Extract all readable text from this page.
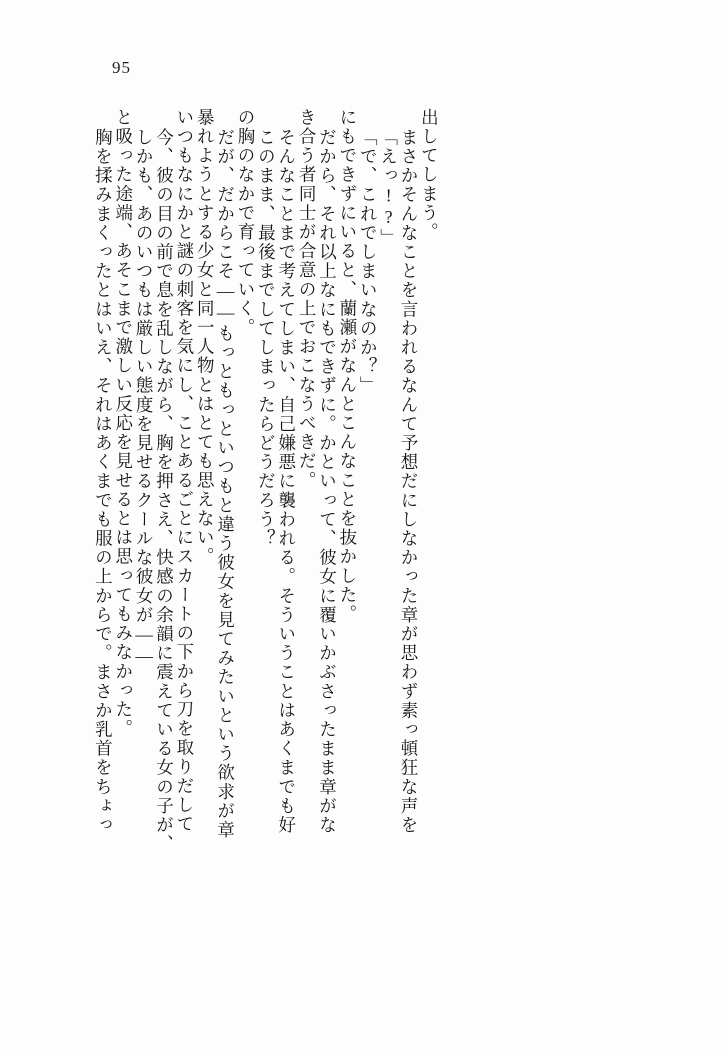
95
胸を揉みまくったとはいえ、それはあくまでも服の上からで。まさか乳首をちょっ と吸った途端、あそこまで激しい反応を見せるとは思ってもみなかった。 しかも、あのいつもは厳しい態度を見せるクールな彼女が―― 今、彼の目の前で息を乱しながら、胸を押さえ、快感の余韻に震えている女の子が、 いつもなにかと謎の刺客を気にし、ことあるごとにスカートの下から刀を取りだして 暴れようとする少女と同一人物とはとても思えない。 だが、だからこそ――もっともっといつもと違う彼女を見てみたいという欲求が章 の胸のなかで育っていく。 このまま、最後までしてしまったらどうだろう？ そんなことまで考えてしまい、自己嫌悪に襲われる。そういうことはあくまでも好 き合う者同士が合意の上でおこなうべきだ。 だから、それ以上なにもできずに。かといって、彼女に覆いかぶさったまま章がな にもできずにいると、蘭瀬がなんとこんなことを抜かした。 「で、これでしまいなのか？」 「えっ!?」 まさかそんなことを言われるなんて予想だにしなかった章が思わず素っ頓狂な声を 出してしまう。
